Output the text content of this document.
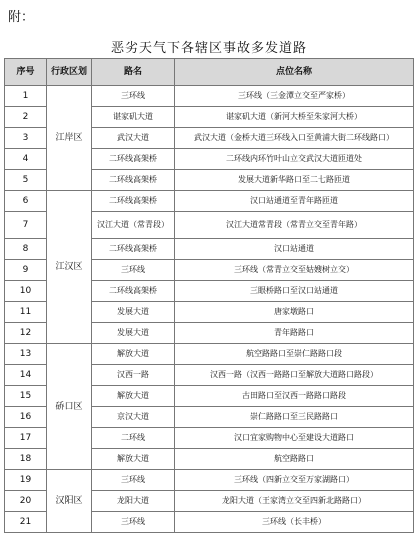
附：
恶劣天气下各辖区事故多发道路
序号	行政区划	路名	点位名称
1	江岸区	三环线	三环线（三金潭立交至严家桥）
2		谌家矶大道	谌家矶大道（新河大桥至朱家河大桥）
3		武汉大道	武汉大道（金桥大道三环线入口至黄浦大街二环线路口）
4		二环线高架桥	二环线内环竹叶山立交武汉大道匝道处
5		二环线高架桥	发展大道新华路口至二七路匝道
6	江汉区	二环线高架桥	汉口站通道至青年路匝道
7		汉江大道（常青段）	汉江大道常青段（常青立交至青年路）
8		二环线高架桥	汉口站通道
9		三环线	三环线（常青立交至姑嫂树立交）
10		二环线高架桥	三眼桥路口至汉口站通道
11		发展大道	唐家墩路口
12		发展大道	青年路路口
13	硚口区	解放大道	航空路路口至崇仁路路口段
14		汉西一路	汉西一路（汉西一路路口至解放大道路口路段）
15		解放大道	古田路口至汉西一路路口路段
16		京汉大道	崇仁路路口至三民路路口
17		二环线	汉口宜家购物中心至建设大道路口
18		解放大道	航空路路口
19	汉阳区	三环线	三环线（四新立交至万家湖路口）
20		龙阳大道	龙阳大道（王家湾立交至四新北路路口）
21		三环线	三环线（长丰桥）
